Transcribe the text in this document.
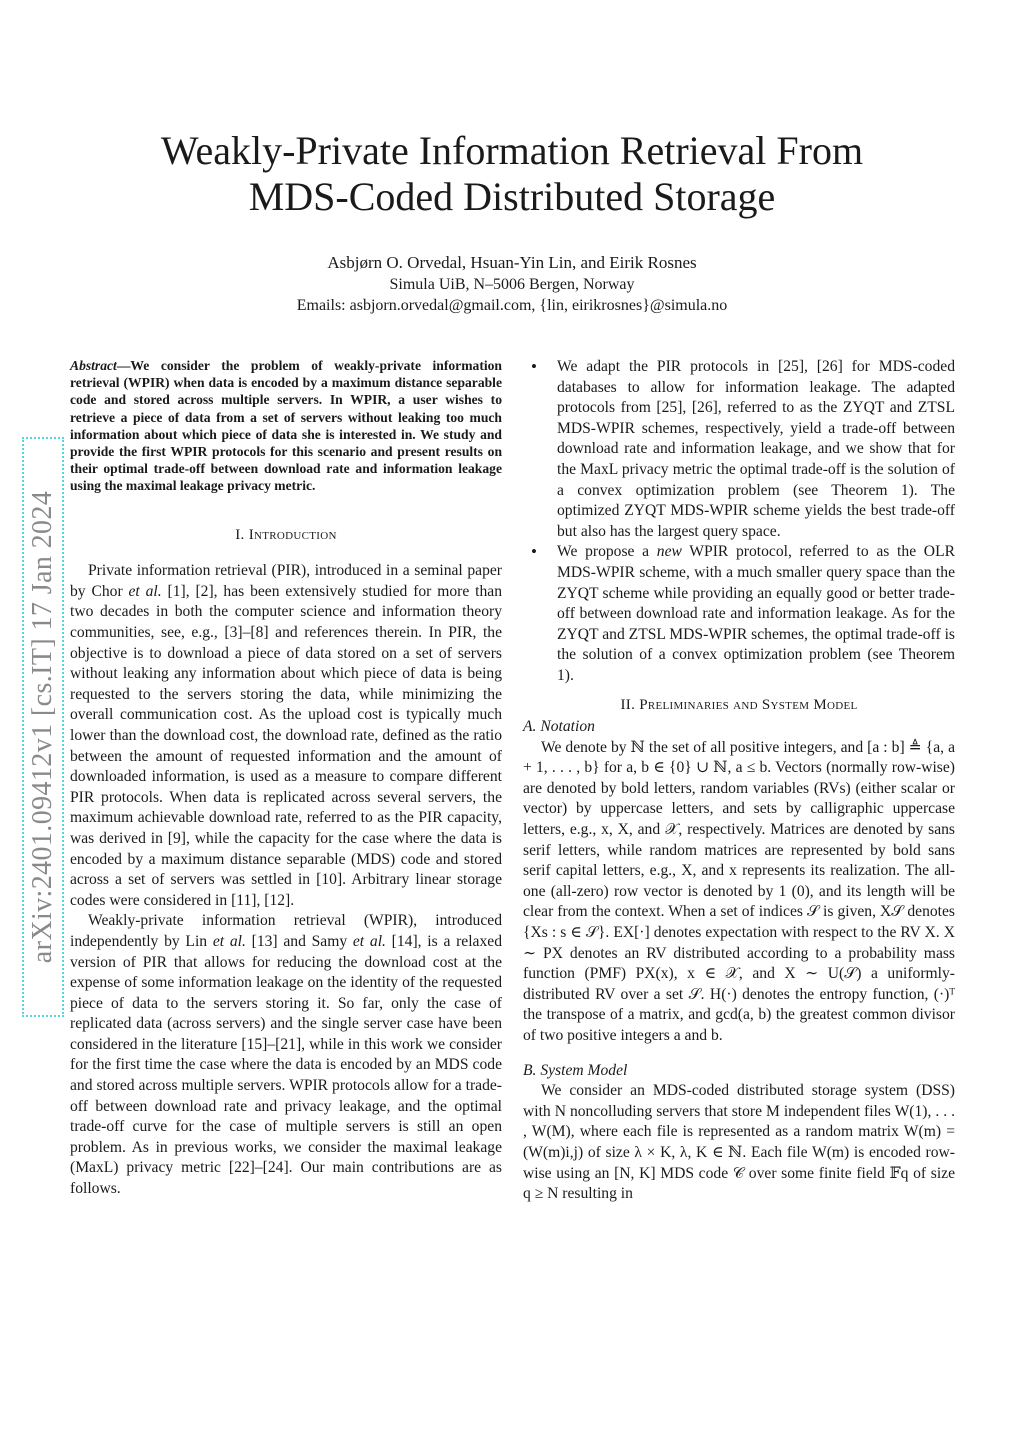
Weakly-Private Information Retrieval From
MDS-Coded Distributed Storage
Asbjørn O. Orvedal, Hsuan-Yin Lin, and Eirik Rosnes
Simula UiB, N–5006 Bergen, Norway
Emails: asbjorn.orvedal@gmail.com, {lin, eirikrosnes}@simula.no
arXiv:2401.09412v1 [cs.IT] 17 Jan 2024

Abstract—We consider the problem of weakly-private information retrieval (WPIR) when data is encoded by a maximum distance separable code and stored across multiple servers. In WPIR, a user wishes to retrieve a piece of data from a set of servers without leaking too much information about which piece of data she is interested in. We study and provide the first WPIR protocols for this scenario and present results on their optimal trade-off between download rate and information leakage using the maximal leakage privacy metric.

I. Introduction

Private information retrieval (PIR), introduced in a seminal paper by Chor et al. [1], [2], has been extensively studied for more than two decades in both the computer science and information theory communities, see, e.g., [3]–[8] and references therein. In PIR, the objective is to download a piece of data stored on a set of servers without leaking any information about which piece of data is being requested to the servers storing the data, while minimizing the overall communication cost. As the upload cost is typically much lower than the download cost, the download rate, defined as the ratio between the amount of requested information and the amount of downloaded information, is used as a measure to compare different PIR protocols. When data is replicated across several servers, the maximum achievable download rate, referred to as the PIR capacity, was derived in [9], while the capacity for the case where the data is encoded by a maximum distance separable (MDS) code and stored across a set of servers was settled in [10]. Arbitrary linear storage codes were considered in [11], [12].

Weakly-private information retrieval (WPIR), introduced independently by Lin et al. [13] and Samy et al. [14], is a relaxed version of PIR that allows for reducing the download cost at the expense of some information leakage on the identity of the requested piece of data to the servers storing it. So far, only the case of replicated data (across servers) and the single server case have been considered in the literature [15]–[21], while in this work we consider for the first time the case where the data is encoded by an MDS code and stored across multiple servers. WPIR protocols allow for a trade-off between download rate and privacy leakage, and the optimal trade-off curve for the case of multiple servers is still an open problem. As in previous works, we consider the maximal leakage (MaxL) privacy metric [22]–[24]. Our main contributions are as follows.

• We adapt the PIR protocols in [25], [26] for MDS-coded databases to allow for information leakage. The adapted protocols from [25], [26], referred to as the ZYQT and ZTSL MDS-WPIR schemes, respectively, yield a trade-off between download rate and information leakage, and we show that for the MaxL privacy metric the optimal trade-off is the solution of a convex optimization problem (see Theorem 1). The optimized ZYQT MDS-WPIR scheme yields the best trade-off but also has the largest query space.
• We propose a new WPIR protocol, referred to as the OLR MDS-WPIR scheme, with a much smaller query space than the ZYQT scheme while providing an equally good or better trade-off between download rate and information leakage. As for the ZYQT and ZTSL MDS-WPIR schemes, the optimal trade-off is the solution of a convex optimization problem (see Theorem 1).
II. Preliminaries and System Model

A. Notation

We denote by ℕ the set of all positive integers, and [a : b] ≜ {a, a + 1, . . . , b} for a, b ∈ {0} ∪ ℕ, a ≤ b. Vectors (normally row-wise) are denoted by bold letters, random variables (RVs) (either scalar or vector) by uppercase letters, and sets by calligraphic uppercase letters, e.g., x, X, and 𝒳, respectively. Matrices are denoted by sans serif letters, while random matrices are represented by bold sans serif capital letters, e.g., X, and x represents its realization. The all-one (all-zero) row vector is denoted by 1 (0), and its length will be clear from the context. When a set of indices 𝒮 is given, X𝒮 denotes {Xs : s ∈ 𝒮}. EX[·] denotes expectation with respect to the RV X. X ∼ PX denotes an RV distributed according to a probability mass function (PMF) PX(x), x ∈ 𝒳, and X ∼ U(𝒮) a uniformly-distributed RV over a set 𝒮. H(·) denotes the entropy function, (·)ᵀ the transpose of a matrix, and gcd(a, b) the greatest common divisor of two positive integers a and b.

B. System Model

We consider an MDS-coded distributed storage system (DSS) with N noncolluding servers that store M independent files W(1), . . . , W(M), where each file is represented as a random matrix W(m) = (W(m)i,j) of size λ × K, λ, K ∈ ℕ. Each file W(m) is encoded row-wise using an [N, K] MDS code 𝒞 over some finite field 𝔽q of size q ≥ N resulting in
